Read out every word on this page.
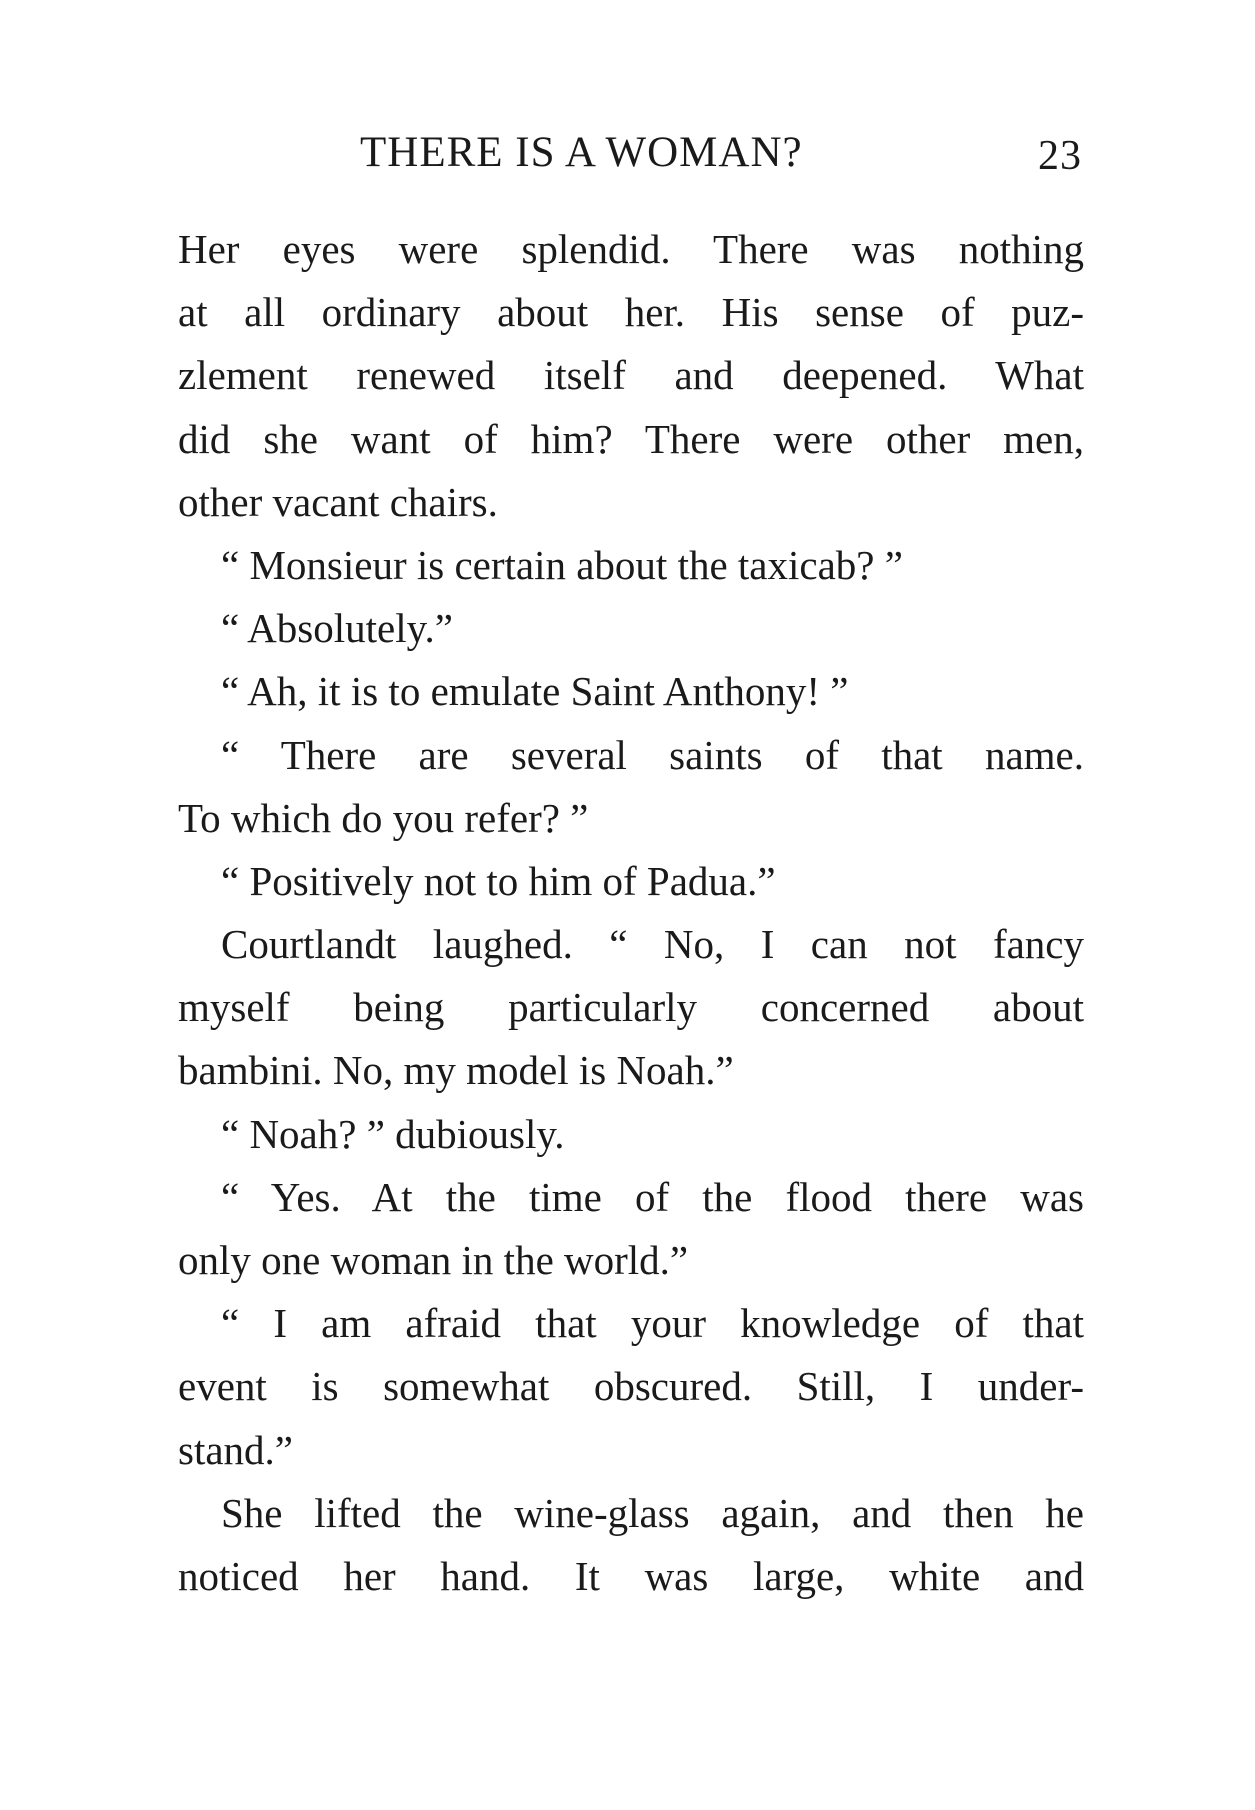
THERE IS A WOMAN?	23
Her eyes were splendid. There was nothing
at all ordinary about her. His sense of puz-
zlement renewed itself and deepened. What
did she want of him? There were other men,
other vacant chairs.
“ Monsieur is certain about the taxicab? ”
“ Absolutely.”
“ Ah, it is to emulate Saint Anthony! ”
“ There are several saints of that name.
To which do you refer? ”
“ Positively not to him of Padua.”
Courtlandt laughed. “ No, I can not fancy
myself being particularly concerned about
bambini. No, my model is Noah.”
“ Noah? ” dubiously.
“ Yes. At the time of the flood there was
only one woman in the world.”
“ I am afraid that your knowledge of that
event is somewhat obscured. Still, I under-
stand.”
She lifted the wine-glass again, and then he
noticed her hand. It was large, white and
